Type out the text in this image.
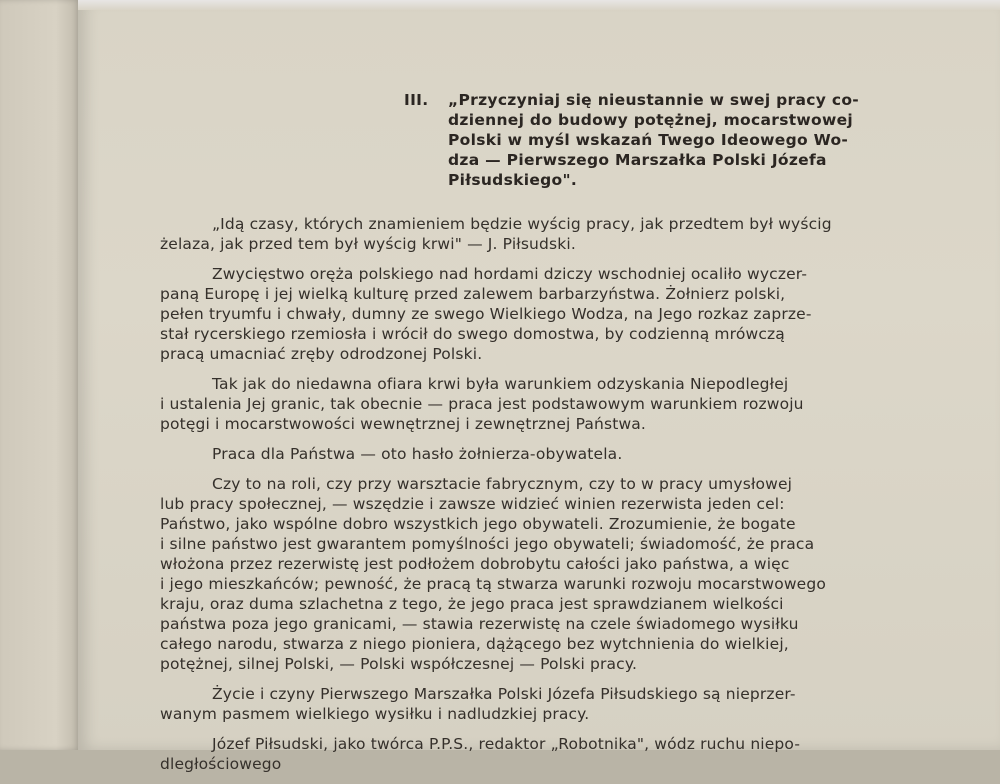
III. „Przyczyniaj się nieustannie w swej pracy co-
dziennej do budowy potężnej, mocarstwowej
Polski w myśl wskazań Twego Ideowego Wo-
dza — Pierwszego Marszałka Polski Józefa
Piłsudskiego".
„Idą czasy, których znamieniem będzie wyścig pracy, jak przedtem był wyścig
żelaza, jak przed tem był wyścig krwi" — J. Piłsudski.
Zwycięstwo oręża polskiego nad hordami dziczy wschodniej ocaliło wyczer-
paną Europę i jej wielką kulturę przed zalewem barbarzyństwa. Żołnierz polski,
pełen tryumfu i chwały, dumny ze swego Wielkiego Wodza, na Jego rozkaz zaprze-
stał rycerskiego rzemiosła i wrócił do swego domostwa, by codzienną mrówczą
pracą umacniać zręby odrodzonej Polski.
Tak jak do niedawna ofiara krwi była warunkiem odzyskania Niepodległej
i ustalenia Jej granic, tak obecnie — praca jest podstawowym warunkiem rozwoju
potęgi i mocarstwowości wewnętrznej i zewnętrznej Państwa.
Praca dla Państwa — oto hasło żołnierza-obywatela.
Czy to na roli, czy przy warsztacie fabrycznym, czy to w pracy umysłowej
lub pracy społecznej, — wszędzie i zawsze widzieć winien rezerwista jeden cel:
Państwo, jako wspólne dobro wszystkich jego obywateli. Zrozumienie, że bogate
i silne państwo jest gwarantem pomyślności jego obywateli; świadomość, że praca
włożona przez rezerwistę jest podłożem dobrobytu całości jako państwa, a więc
i jego mieszkańców; pewność, że pracą tą stwarza warunki rozwoju mocarstwowego
kraju, oraz duma szlachetna z tego, że jego praca jest sprawdzianem wielkości
państwa poza jego granicami, — stawia rezerwistę na czele świadomego wysiłku
całego narodu, stwarza z niego pioniera, dążącego bez wytchnienia do wielkiej,
potężnej, silnej Polski, — Polski współczesnej — Polski pracy.
Życie i czyny Pierwszego Marszałka Polski Józefa Piłsudskiego są nieprzer-
wanym pasmem wielkiego wysiłku i nadludzkiej pracy.
Józef Piłsudski, jako twórca P.P.S., redaktor „Robotnika", wódz ruchu niepo-
dległościowego
